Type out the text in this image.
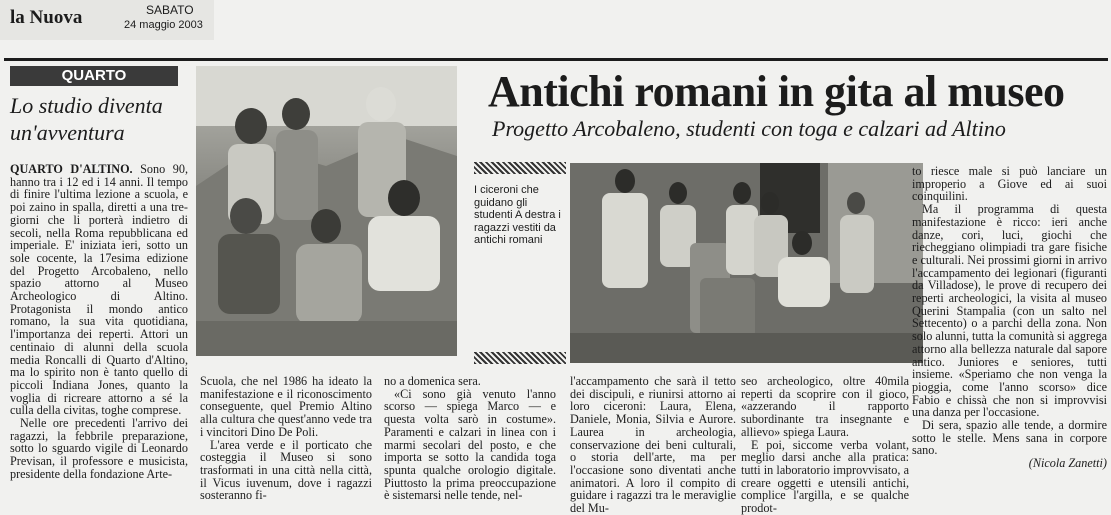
la Nuova	SABATO
24 maggio 2003
QUARTO
Lo studio diventa un'avventura
Antichi romani in gita al museo
Progetto Arcobaleno, studenti con toga e calzari ad Altino
I ciceroni che guidano gli studenti A destra i ragazzi vestiti da antichi romani

QUARTO D'ALTINO. Sono 90, hanno tra i 12 ed i 14 anni. Il tempo di finire l'ultima lezione a scuola, e poi zaino in spalla, diretti a una tre-giorni che li porterà indietro di secoli, nella Roma repubblicana ed imperiale. E' iniziata ieri, sotto un sole cocente, la 17esima edizione del Progetto Arcobaleno, nello spazio attorno al Museo Archeologico di Altino. Protagonista il mondo antico romano, la sua vita quotidiana, l'importanza dei reperti. Attori un centinaio di alunni della scuola media Roncalli di Quarto d'Altino, ma lo spirito non è tanto quello di piccoli Indiana Jones, quanto la voglia di ricreare attorno a sé la culla della civitas, toghe comprese.

Nelle ore precedenti l'arrivo dei ragazzi, la febbrile preparazione, sotto lo sguardo vigile di Leonardo Previsan, il professore e musicista, presidente della fondazione Arte-

Scuola, che nel 1986 ha ideato la manifestazione e il riconoscimento conseguente, quel Premio Altino alla cultura che quest'anno vede tra i vincitori Dino De Poli.

L'area verde e il porticato che costeggia il Museo si sono trasformati in una città nella città, il Vicus iuvenum, dove i ragazzi sosteranno fi-

no a domenica sera.

«Ci sono già venuto l'anno scorso — spiega Marco — e questa volta sarò in costume». Paramenti e calzari in linea con i marmi secolari del posto, e che importa se sotto la candida toga spunta qualche orologio digitale. Piuttosto la prima preoccupazione è sistemarsi nelle tende, nel-

l'accampamento che sarà il tetto dei discipuli, e riunirsi attorno ai loro ciceroni: Laura, Elena, Daniele, Monia, Silvia e Aurore. Laurea in archeologia, conservazione dei beni culturali, o storia dell'arte, ma per l'occasione sono diventati anche animatori. A loro il compito di guidare i ragazzi tra le meraviglie del Mu-

seo archeologico, oltre 40mila reperti da scoprire con il gioco, «azzerando il rapporto subordinante tra insegnante e allievo» spiega Laura.

E poi, siccome verba volant, meglio darsi anche alla pratica: tutti in laboratorio improvvisato, a creare oggetti e utensili antichi, complice l'argilla, e se qualche prodot-

to riesce male si può lanciare un improperio a Giove ed ai suoi coinquilini.

Ma il programma di questa manifestazione è ricco: ieri anche danze, cori, luci, giochi che riecheggiano olimpiadi tra gare fisiche e culturali. Nei prossimi giorni in arrivo l'accampamento dei legionari (figuranti da Villadose), le prove di recupero dei reperti archeologici, la visita al museo Querini Stampalia (con un salto nel Settecento) o a parchi della zona. Non solo alunni, tutta la comunità si aggrega attorno alla bellezza naturale dal sapore antico. Juniores e seniores, tutti insieme. «Speriamo che non venga la pioggia, come l'anno scorso» dice Fabio e chissà che non si improvvisi una danza per l'occasione.

Di sera, spazio alle tende, a dormire sotto le stelle. Mens sana in corpore sano.

(Nicola Zanetti)
